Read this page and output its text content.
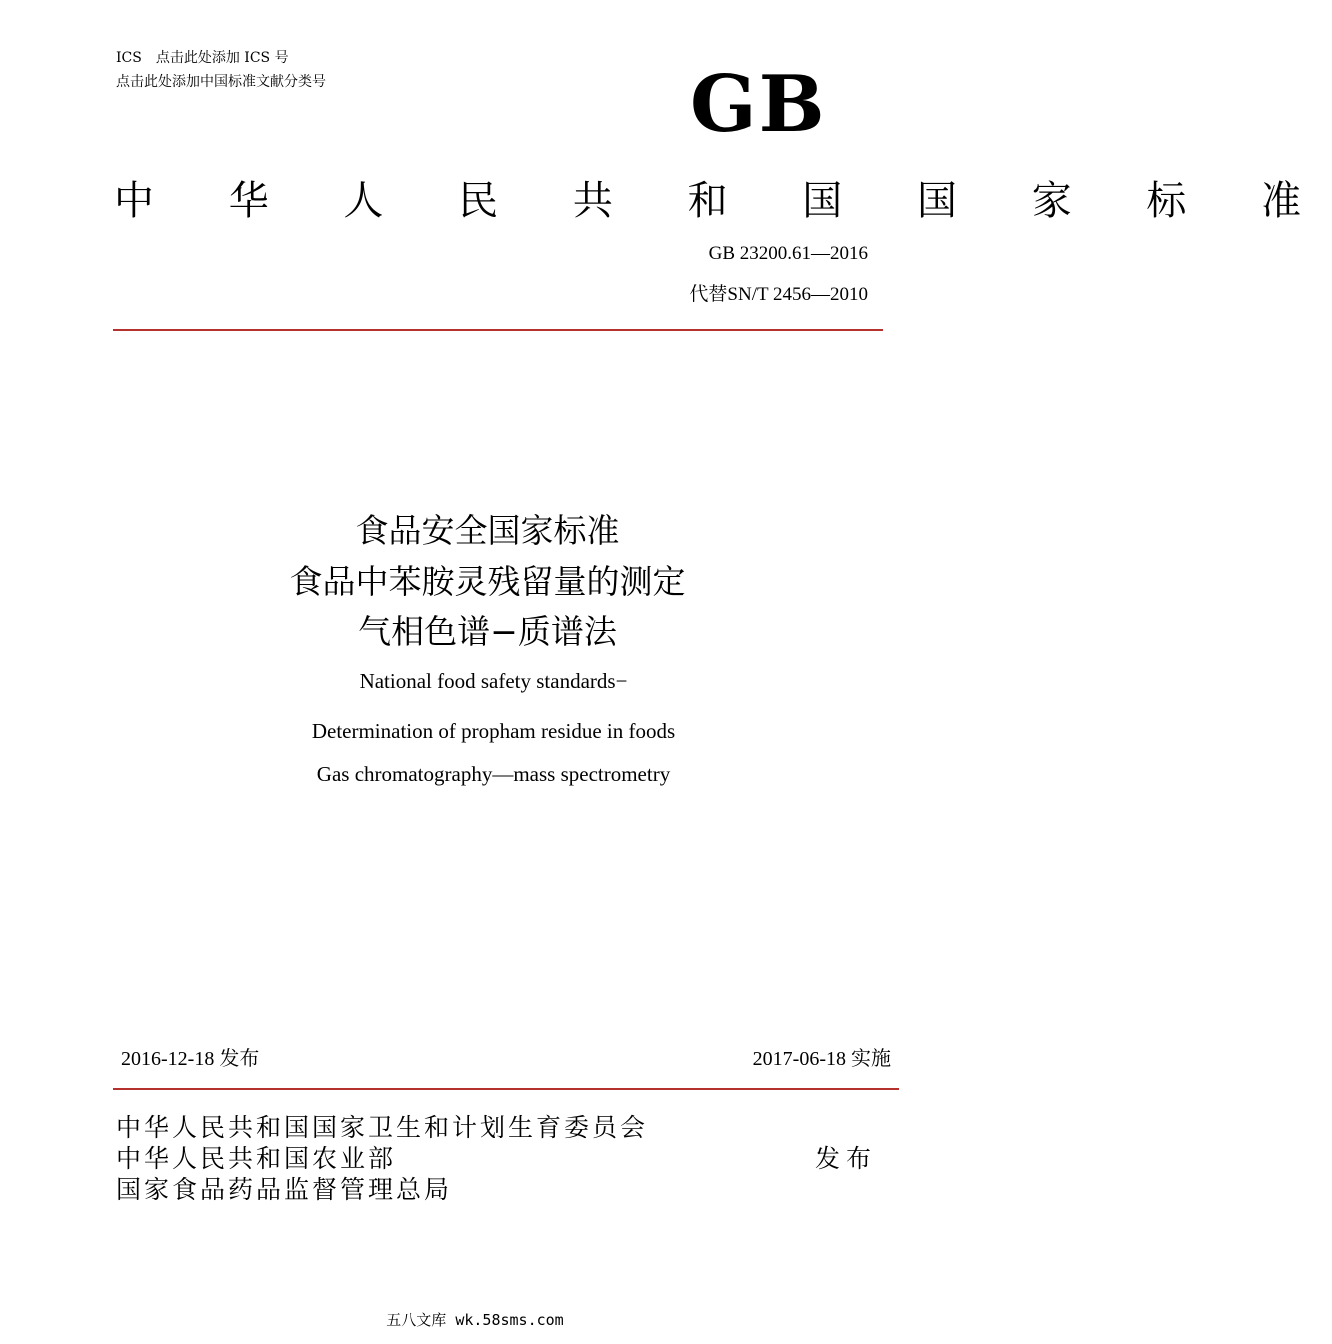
ICS　点击此处添加 ICS 号
点击此处添加中国标准文献分类号	GB
中 华 人 民 共 和 国 国 家 标 准
GB 23200.61—2016
代替SN/T 2456—2010
食品安全国家标准
食品中苯胺灵残留量的测定
气相色谱−质谱法
National food safety standards−
Determination of propham residue in foods
Gas chromatography—mass spectrometry
2016-12-18 发布	2017-06-18 实施
中华人民共和国国家卫生和计划生育委员会
中华人民共和国农业部
国家食品药品监督管理总局
发布
五八文库 wk.58sms.com
